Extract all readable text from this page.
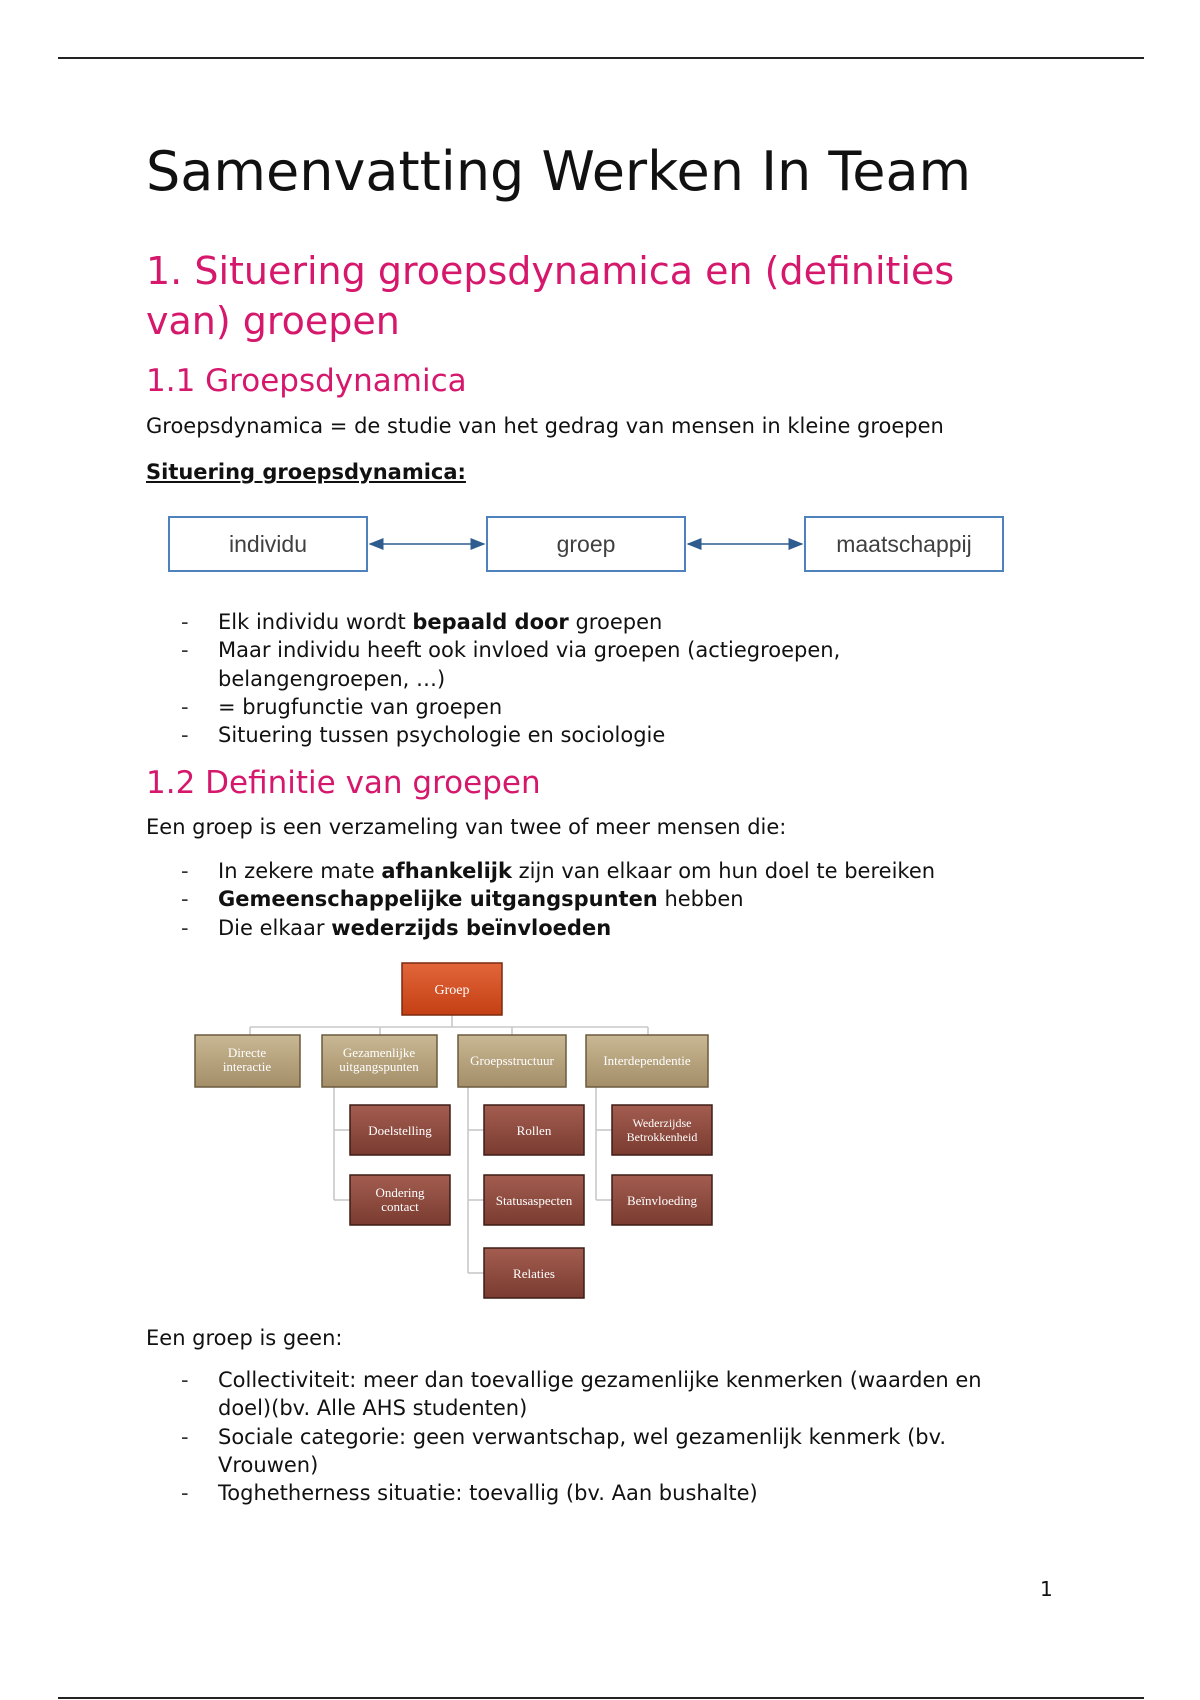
Samenvatting Werken In Team
1. Situering groepsdynamica en (definities van) groepen
1.1 Groepsdynamica

Groepsdynamica = de studie van het gedrag van mensen in kleine groepen

Situering groepsdynamica:

individu	groep	maatschappij
- Elk individu wordt bepaald door groepen
- Maar individu heeft ook invloed via groepen (actiegroepen, belangengroepen, …)
- = brugfunctie van groepen
- Situering tussen psychologie en sociologie
1.2 Definitie van groepen

Een groep is een verzameling van twee of meer mensen die:

- In zekere mate afhankelijk zijn van elkaar om hun doel te bereiken
- Gemeenschappelijke uitgangspunten hebben
- Die elkaar wederzijds beïnvloeden
Groep
Directe
interactie
Gezamenlijke
uitgangspunten	Groepsstructuur	Interdependentie
Doelstelling
Ondering
contact
Rollen
Statusaspecten
Relaties
Wederzijdse
Betrokkenheid
Beïnvloeding

Een groep is geen:

- Collectiviteit: meer dan toevallige gezamenlijke kenmerken (waarden en doel)(bv. Alle AHS studenten)
- Sociale categorie: geen verwantschap, wel gezamenlijk kenmerk (bv. Vrouwen)
- Toghetherness situatie: toevallig (bv. Aan bushalte)
1
